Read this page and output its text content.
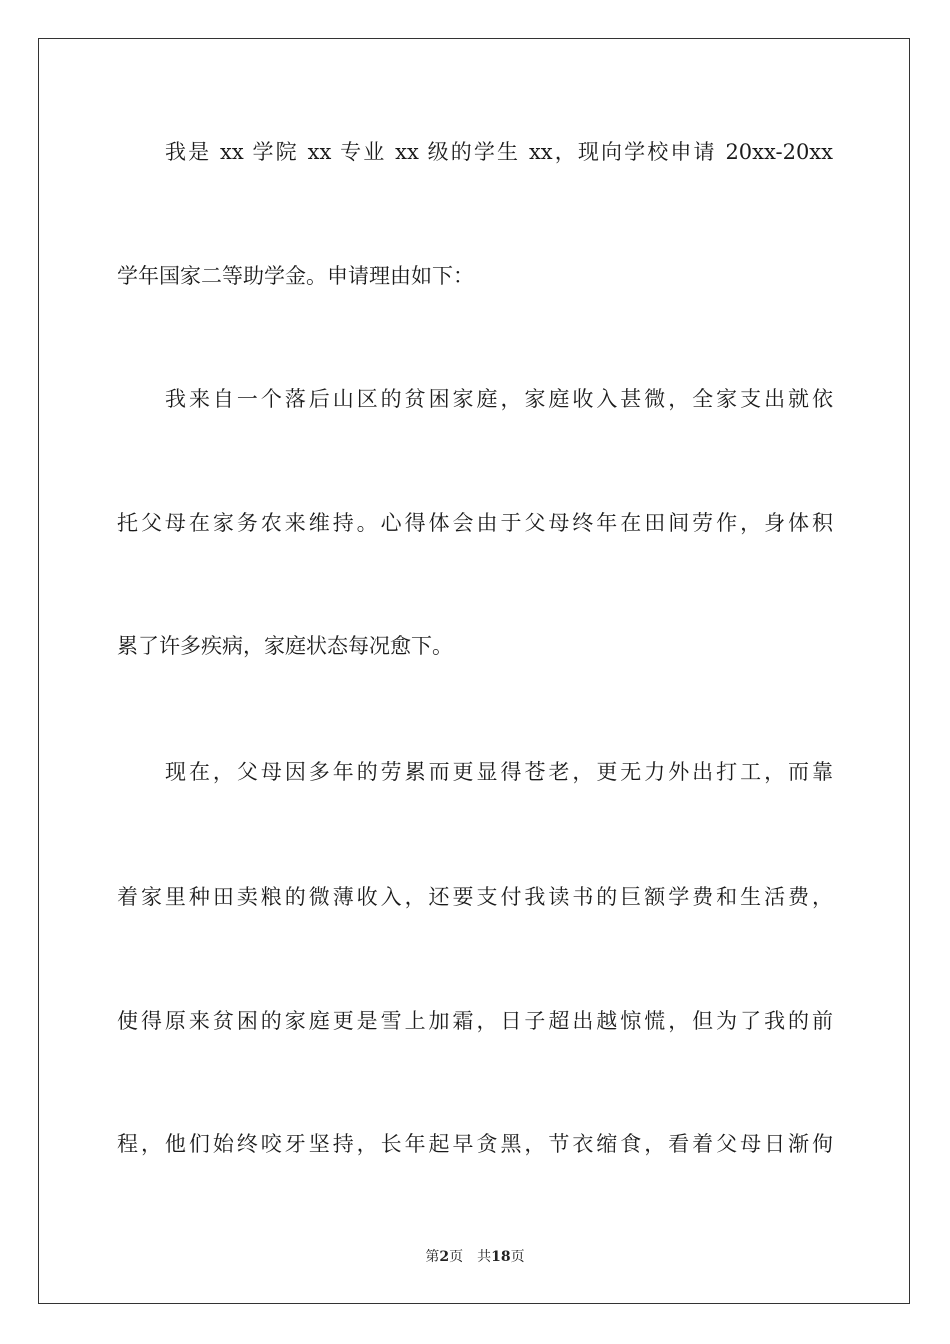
我是 xx 学院 xx 专业 xx 级的学生 xx，现向学校申请 20xx-20xx
学年国家二等助学金。申请理由如下：
我来自一个落后山区的贫困家庭，家庭收入甚微，全家支出就依
托父母在家务农来维持。心得体会由于父母终年在田间劳作，身体积
累了许多疾病，家庭状态每况愈下。
现在，父母因多年的劳累而更显得苍老，更无力外出打工，而靠
着家里种田卖粮的微薄收入，还要支付我读书的巨额学费和生活费，
使得原来贫困的家庭更是雪上加霜，日子超出越惊慌，但为了我的前
程，他们始终咬牙坚持，长年起早贪黑，节衣缩食，看着父母日渐佝
第2页 共18页
